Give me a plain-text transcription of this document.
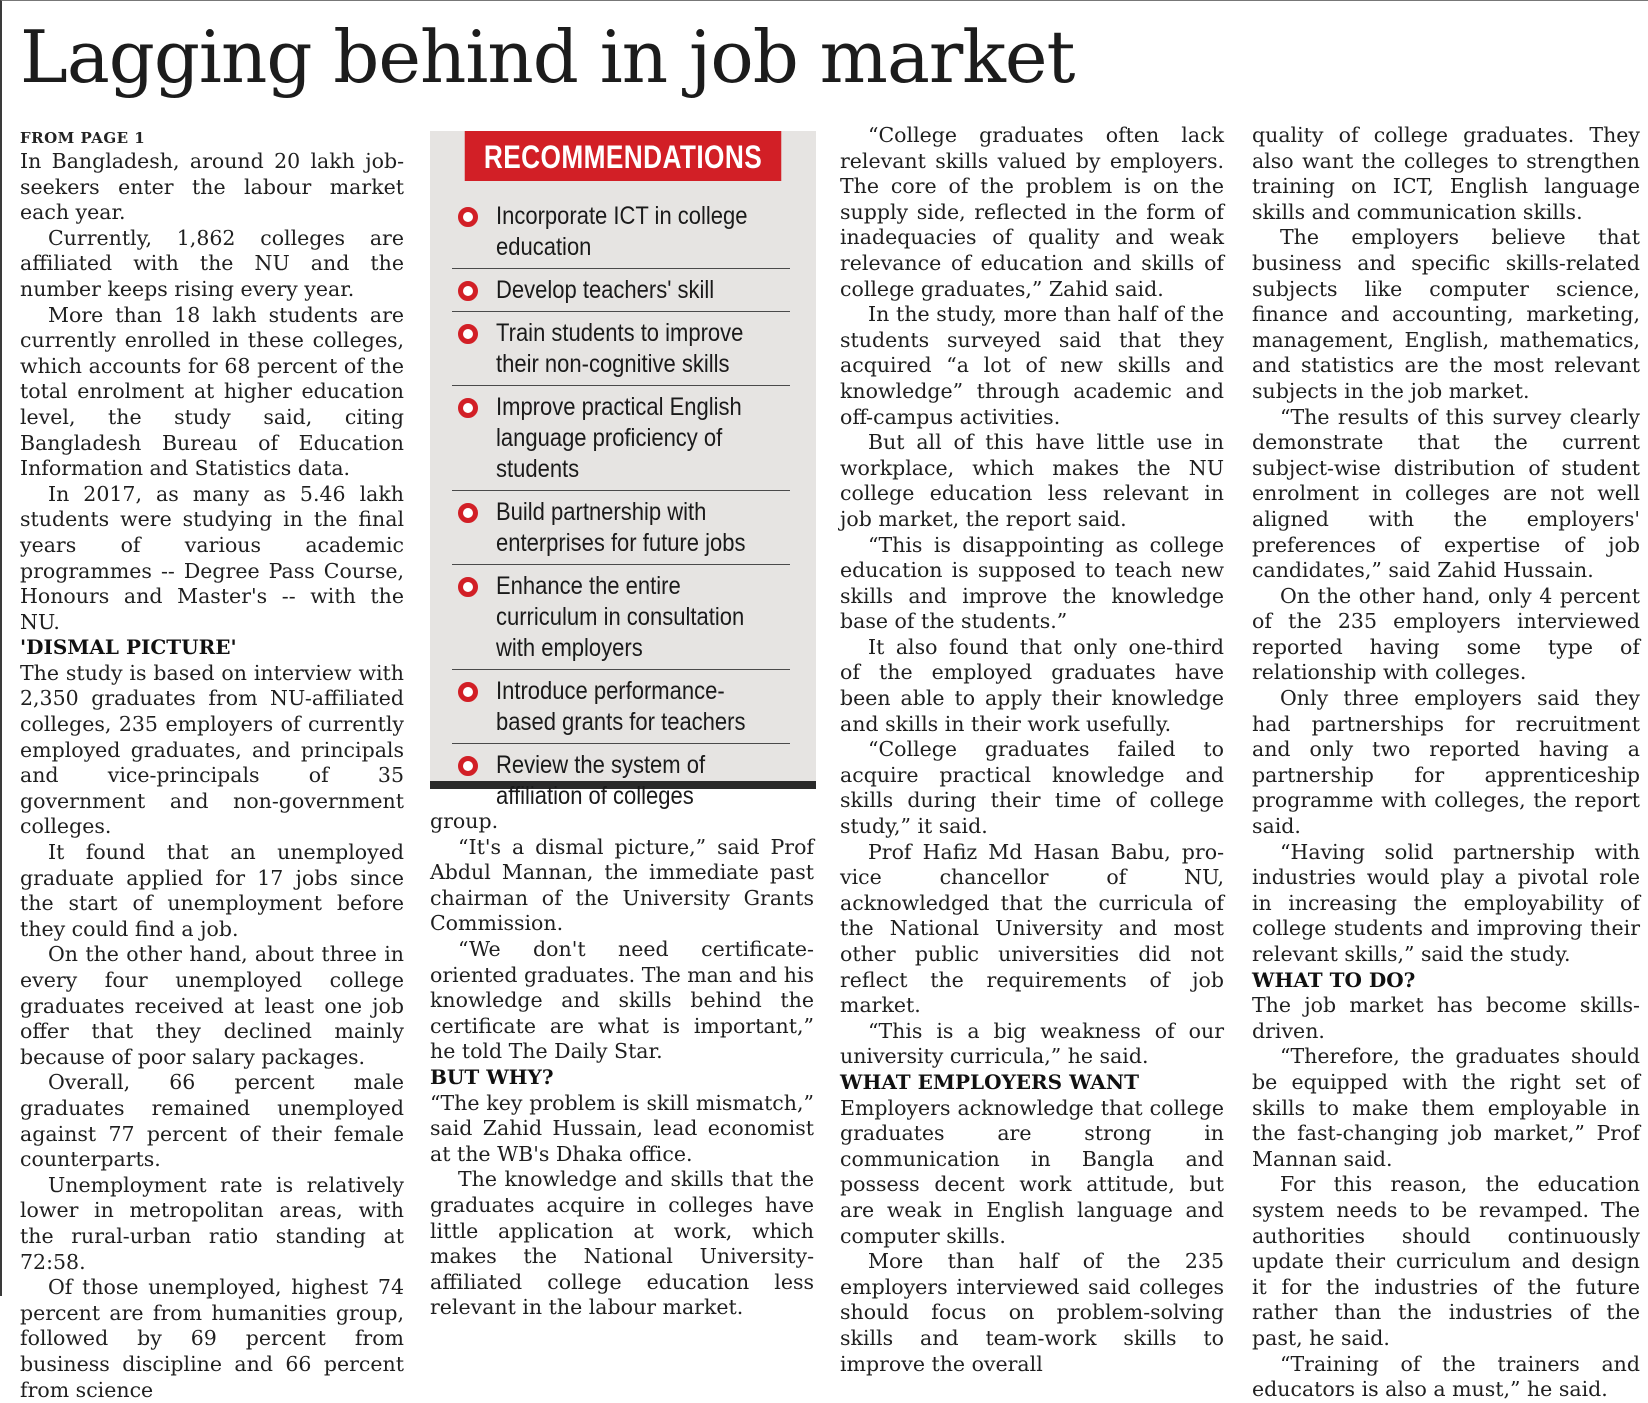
Lagging behind in job market
FROM PAGE 1

In Bangladesh, around 20 lakh job-seekers enter the labour market each year.

Currently, 1,862 colleges are affiliated with the NU and the number keeps rising every year.

More than 18 lakh students are currently enrolled in these colleges, which accounts for 68 percent of the total enrolment at higher education level, the study said, citing Bangladesh Bureau of Education Information and Statistics data.

In 2017, as many as 5.46 lakh students were studying in the final years of various academic programmes -- Degree Pass Course, Honours and Master's -- with the NU.

'DISMAL PICTURE'

The study is based on interview with 2,350 graduates from NU-affiliated colleges, 235 employers of currently employed graduates, and principals and vice-principals of 35 government and non-government colleges.

It found that an unemployed graduate applied for 17 jobs since the start of unemployment before they could find a job.

On the other hand, about three in every four unemployed college graduates received at least one job offer that they declined mainly because of poor salary packages.

Overall, 66 percent male graduates remained unemployed against 77 percent of their female counterparts.

Unemployment rate is relatively lower in metropolitan areas, with the rural-urban ratio standing at 72:58.

Of those unemployed, highest 74 percent are from humanities group, followed by 69 percent from business discipline and 66 percent from science

RECOMMENDATIONS
Incorporate ICT in college education
Develop teachers' skill
Train students to improve their non-cognitive skills
Improve practical English language proficiency of students
Build partnership with enterprises for future jobs
Enhance the entire curriculum in consultation with employers
Introduce performance-based grants for teachers
Review the system of affiliation of colleges

group.

“It's a dismal picture,” said Prof Abdul Mannan, the immediate past chairman of the University Grants Commission.

“We don't need certificate-oriented graduates. The man and his knowledge and skills behind the certificate are what is important,” he told The Daily Star.

BUT WHY?

“The key problem is skill mismatch,” said Zahid Hussain, lead economist at the WB's Dhaka office.

The knowledge and skills that the graduates acquire in colleges have little application at work, which makes the National University-affiliated college education less relevant in the labour market.

“College graduates often lack relevant skills valued by employers. The core of the problem is on the supply side, reflected in the form of inadequacies of quality and weak relevance of education and skills of college graduates,” Zahid said.

In the study, more than half of the students surveyed said that they acquired “a lot of new skills and knowledge” through academic and off-campus activities.

But all of this have little use in workplace, which makes the NU college education less relevant in job market, the report said.

“This is disappointing as college education is supposed to teach new skills and improve the knowledge base of the students.”

It also found that only one-third of the employed graduates have been able to apply their knowledge and skills in their work usefully.

“College graduates failed to acquire practical knowledge and skills during their time of college study,” it said.

Prof Hafiz Md Hasan Babu, pro-vice chancellor of NU, acknowledged that the curricula of the National University and most other public universities did not reflect the requirements of job market.

“This is a big weakness of our university curricula,” he said.

WHAT EMPLOYERS WANT

Employers acknowledge that college graduates are strong in communication in Bangla and possess decent work attitude, but are weak in English language and computer skills.

More than half of the 235 employers interviewed said colleges should focus on problem-solving skills and team-work skills to improve the overall

quality of college graduates. They also want the colleges to strengthen training on ICT, English language skills and communication skills.

The employers believe that business and specific skills-related subjects like computer science, finance and accounting, marketing, management, English, mathematics, and statistics are the most relevant subjects in the job market.

“The results of this survey clearly demonstrate that the current subject-wise distribution of student enrolment in colleges are not well aligned with the employers' preferences of expertise of job candidates,” said Zahid Hussain.

On the other hand, only 4 percent of the 235 employers interviewed reported having some type of relationship with colleges.

Only three employers said they had partnerships for recruitment and only two reported having a partnership for apprenticeship programme with colleges, the report said.

“Having solid partnership with industries would play a pivotal role in increasing the employability of college students and improving their relevant skills,” said the study.

WHAT TO DO?

The job market has become skills-driven.

“Therefore, the graduates should be equipped with the right set of skills to make them employable in the fast-changing job market,” Prof Mannan said.

For this reason, the education system needs to be revamped. The authorities should continuously update their curriculum and design it for the industries of the future rather than the industries of the past, he said.

“Training of the trainers and educators is also a must,” he said.
